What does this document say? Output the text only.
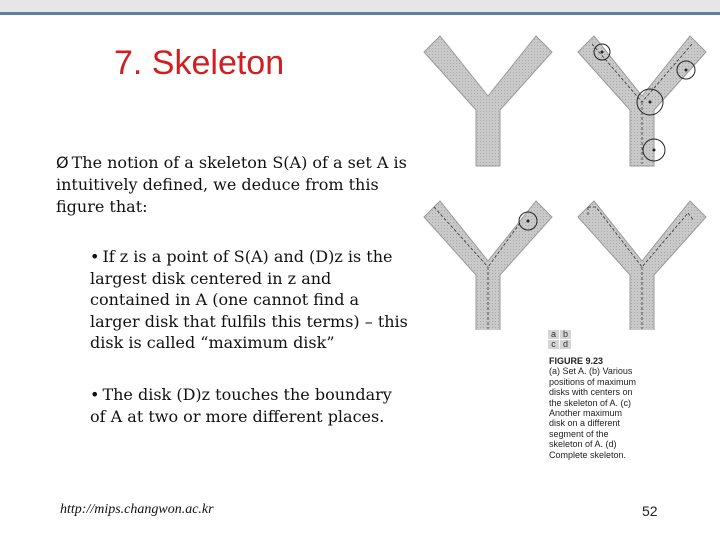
7. Skeleton
Ø The notion of a skeleton S(A) of a set A is intuitively defined, we deduce from this figure that:
• If z is a point of S(A) and (D)z is the largest disk centered in z and contained in A (one cannot find a larger disk that fulfils this terms) – this disk is called “maximum disk”
• The disk (D)z touches the boundary of A at two or more different places.
a b
c d
FIGURE 9.23
(a) Set A. (b) Various positions of maximum disks with centers on the skeleton of A. (c) Another maximum disk on a different segment of the skeleton of A. (d) Complete skeleton.
http://mips.changwon.ac.kr	52
